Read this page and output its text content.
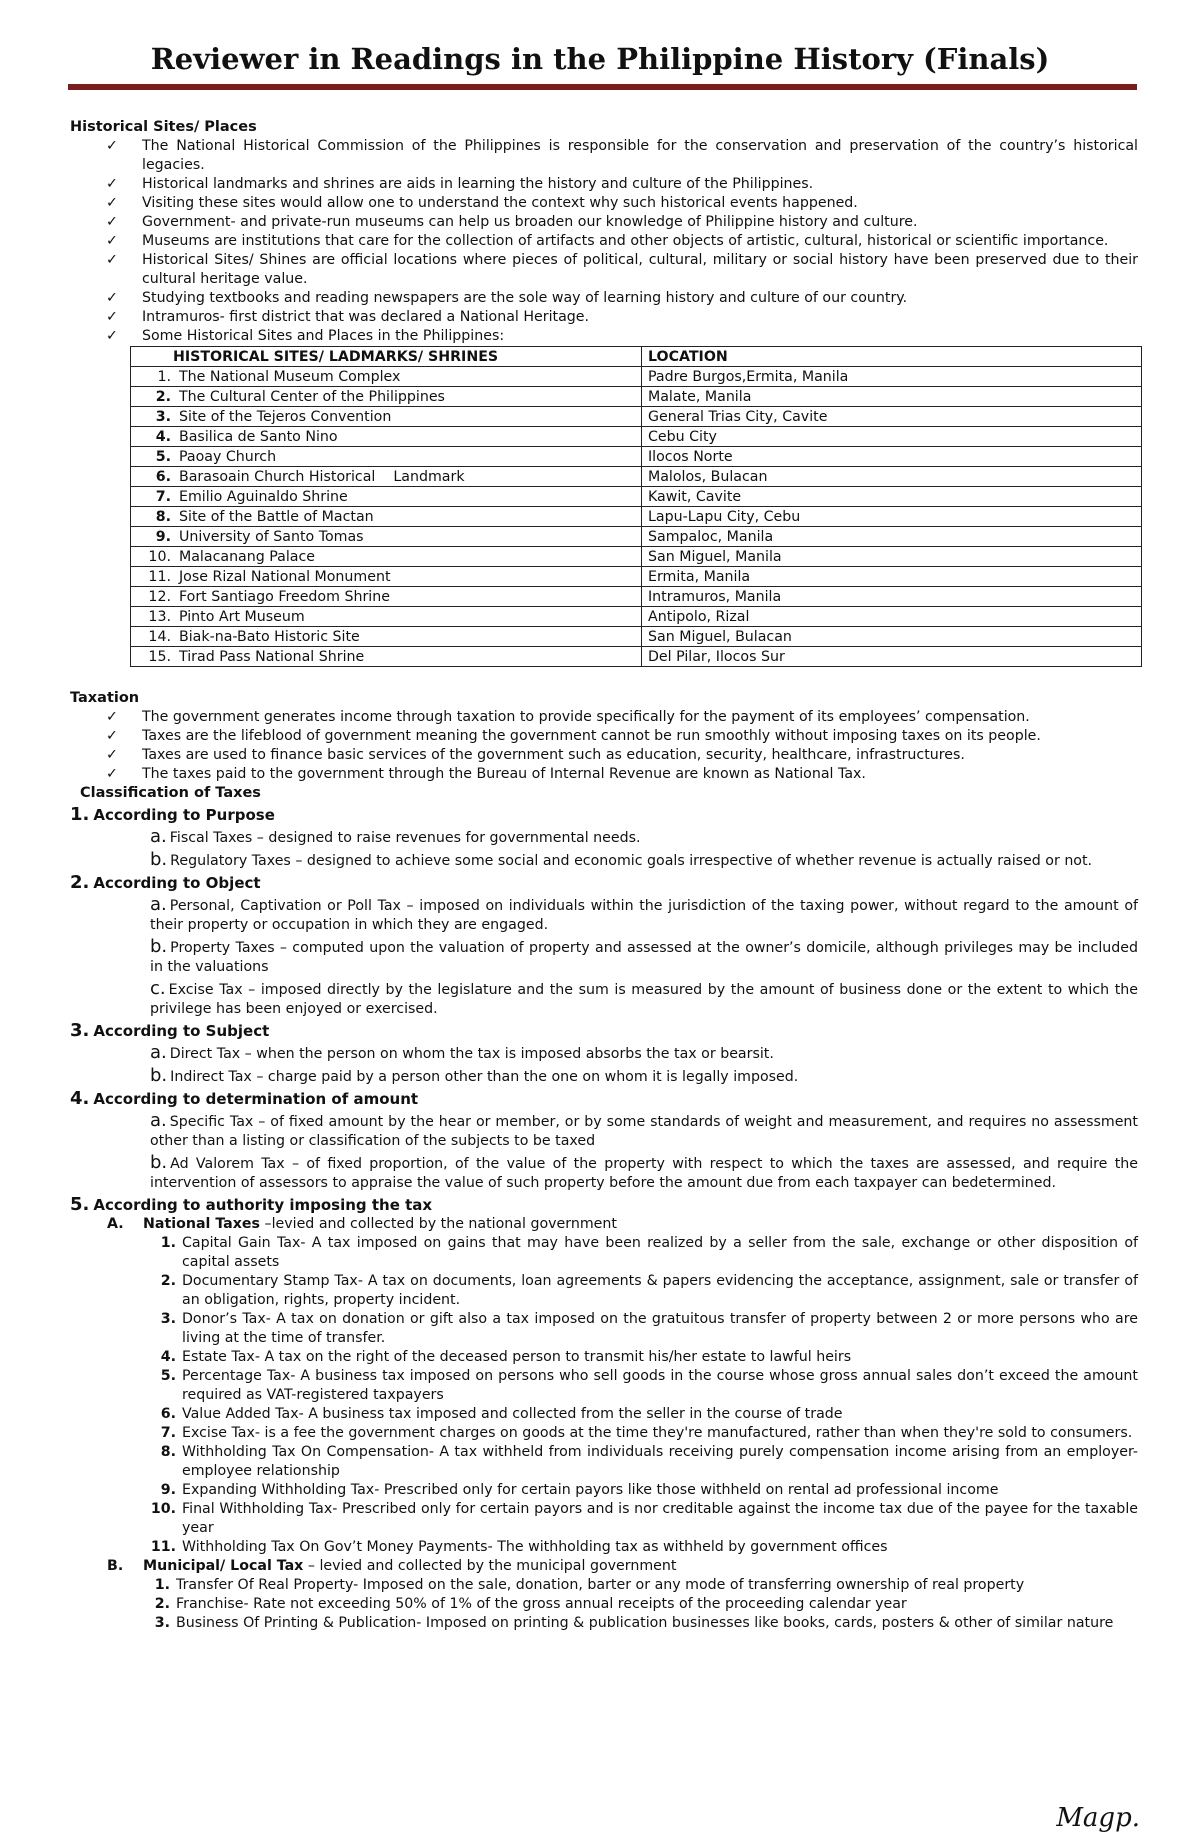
Reviewer in Readings in the Philippine History (Finals)

Historical Sites/ Places

✓ The National Historical Commission of the Philippines is responsible for the conservation and preservation of the country’s historical legacies.
✓ Historical landmarks and shrines are aids in learning the history and culture of the Philippines.
✓ Visiting these sites would allow one to understand the context why such historical events happened.
✓ Government- and private-run museums can help us broaden our knowledge of Philippine history and culture.
✓ Museums are institutions that care for the collection of artifacts and other objects of artistic, cultural, historical or scientific importance.
✓ Historical Sites/ Shines are official locations where pieces of political, cultural, military or social history have been preserved due to their cultural heritage value.
✓ Studying textbooks and reading newspapers are the sole way of learning history and culture of our country.
✓ Intramuros- first district that was declared a National Heritage.
✓ Some Historical Sites and Places in the Philippines:
HISTORICAL SITES/ LADMARKS/ SHRINES	LOCATION
1. The National Museum Complex	Padre Burgos,Ermita, Manila
2. The Cultural Center of the Philippines	Malate, Manila
3. Site of the Tejeros Convention	General Trias City, Cavite
4. Basilica de Santo Nino	Cebu City
5. Paoay Church	Ilocos Norte
6. Barasoain Church Historical    Landmark	Malolos, Bulacan
7. Emilio Aguinaldo Shrine	Kawit, Cavite
8. Site of the Battle of Mactan	Lapu-Lapu City, Cebu
9. University of Santo Tomas	Sampaloc, Manila
10. Malacanang Palace	San Miguel, Manila
11. Jose Rizal National Monument	Ermita, Manila
12. Fort Santiago Freedom Shrine	Intramuros, Manila
13. Pinto Art Museum	Antipolo, Rizal
14. Biak-na-Bato Historic Site	San Miguel, Bulacan
15. Tirad Pass National Shrine	Del Pilar, Ilocos Sur

Taxation

✓ The government generates income through taxation to provide specifically for the payment of its employees’ compensation.
✓ Taxes are the lifeblood of government meaning the government cannot be run smoothly without imposing taxes on its people.
✓ Taxes are used to finance basic services of the government such as education, security, healthcare, infrastructures.
✓ The taxes paid to the government through the Bureau of Internal Revenue are known as National Tax.

Classification of Taxes

1. According to Purpose
a. Fiscal Taxes – designed to raise revenues for governmental needs.
b. Regulatory Taxes – designed to achieve some social and economic goals irrespective of whether revenue is actually raised or not.
2. According to Object
a. Personal, Captivation or Poll Tax – imposed on individuals within the jurisdiction of the taxing power, without regard to the amount of their property or occupation in which they are engaged.
b. Property Taxes – computed upon the valuation of property and assessed at the owner’s domicile, although privileges may be included in the valuations
c. Excise Tax – imposed directly by the legislature and the sum is measured by the amount of business done or the extent to which the privilege has been enjoyed or exercised.
3. According to Subject
a. Direct Tax – when the person on whom the tax is imposed absorbs the tax or bearsit.
b. Indirect Tax – charge paid by a person other than the one on whom it is legally imposed.
4. According to determination of amount
a. Specific Tax – of fixed amount by the hear or member, or by some standards of weight and measurement, and requires no assessment other than a listing or classification of the subjects to be taxed
b. Ad Valorem Tax – of fixed proportion, of the value of the property with respect to which the taxes are assessed, and require the intervention of assessors to appraise the value of such property before the amount due from each taxpayer can bedetermined.
5. According to authority imposing the tax
A. National Taxes –levied and collected by the national government
1. Capital Gain Tax- A tax imposed on gains that may have been realized by a seller from the sale, exchange or other disposition of capital assets
2. Documentary Stamp Tax- A tax on documents, loan agreements & papers evidencing the acceptance, assignment, sale or transfer of an obligation, rights, property incident.
3. Donor’s Tax- A tax on donation or gift also a tax imposed on the gratuitous transfer of property between 2 or more persons who are living at the time of transfer.
4. Estate Tax- A tax on the right of the deceased person to transmit his/her estate to lawful heirs
5. Percentage Tax- A business tax imposed on persons who sell goods in the course whose gross annual sales don’t exceed the amount required as VAT-registered taxpayers
6. Value Added Tax- A business tax imposed and collected from the seller in the course of trade
7. Excise Tax- is a fee the government charges on goods at the time they're manufactured, rather than when they're sold to consumers.
8. Withholding Tax On Compensation- A tax withheld from individuals receiving purely compensation income arising from an employer-employee relationship
9. Expanding Withholding Tax- Prescribed only for certain payors like those withheld on rental ad professional income
10. Final Withholding Tax- Prescribed only for certain payors and is nor creditable against the income tax due of the payee for the taxable year
11. Withholding Tax On Gov’t Money Payments- The withholding tax as withheld by government offices
B. Municipal/ Local Tax – levied and collected by the municipal government
1. Transfer Of Real Property- Imposed on the sale, donation, barter or any mode of transferring ownership of real property
2. Franchise- Rate not exceeding 50% of 1% of the gross annual receipts of the proceeding calendar year
3. Business Of Printing & Publication- Imposed on printing & publication businesses like books, cards, posters & other of similar nature
Magp.
